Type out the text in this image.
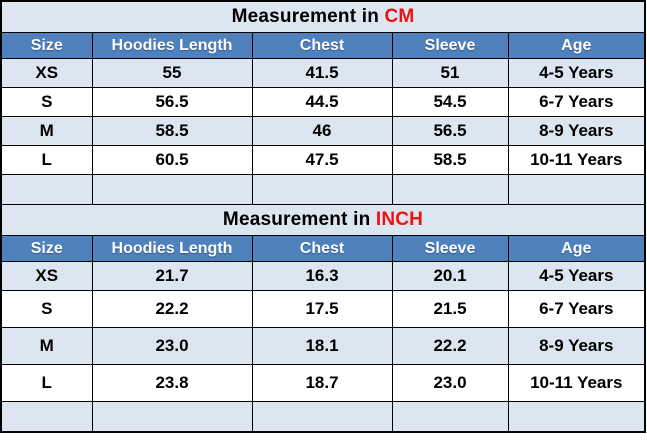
Measurement in CM				
Size	Hoodies Length	Chest	Sleeve	Age
XS	55	41.5	51	4-5 Years
S	56.5	44.5	54.5	6-7 Years
M	58.5	46	56.5	8-9 Years
L	60.5	47.5	58.5	10-11 Years

Measurement in INCH				
Size	Hoodies Length	Chest	Sleeve	Age
XS	21.7	16.3	20.1	4-5 Years
S	22.2	17.5	21.5	6-7 Years
M	23.0	18.1	22.2	8-9 Years
L	23.8	18.7	23.0	10-11 Years
